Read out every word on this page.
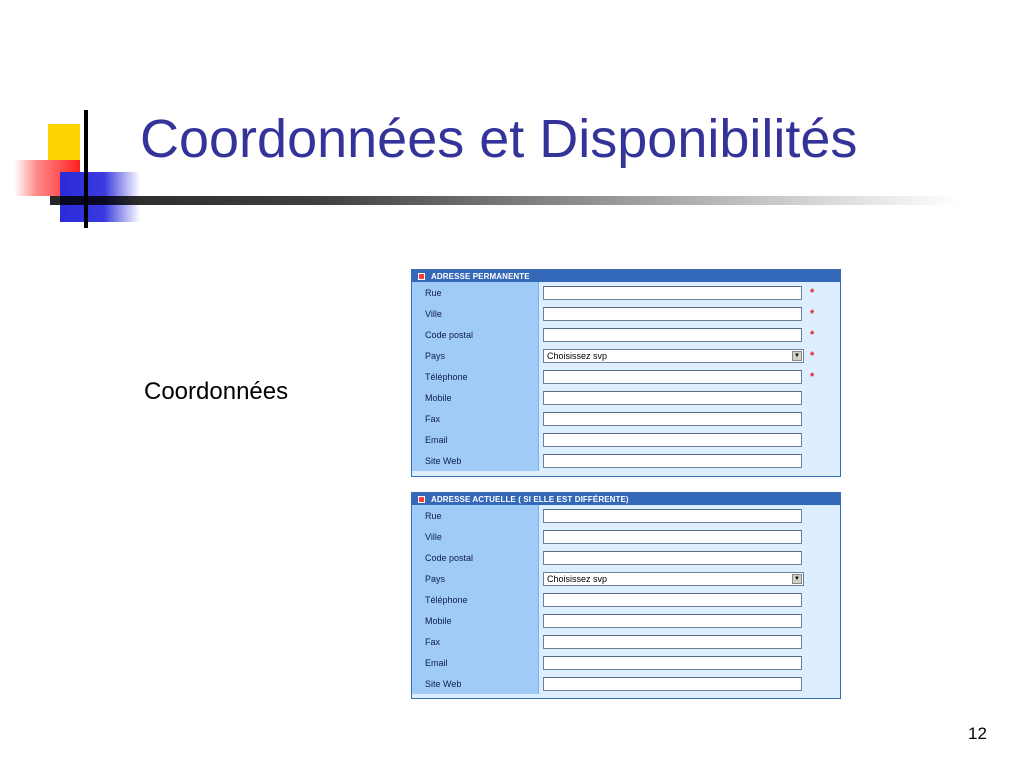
Coordonnées et Disponibilités
Coordonnées
ADRESSE PERMANENTE
Rue	*
Ville	*
Code postal	*
Pays	Choisissez svp	▼ *
Téléphone	*
Mobile
Fax
Email
Site Web
ADRESSE ACTUELLE ( SI ELLE EST DIFFÉRENTE)
Rue
Ville
Code postal
Pays	Choisissez svp	▼
Téléphone
Mobile
Fax
Email
Site Web
12
